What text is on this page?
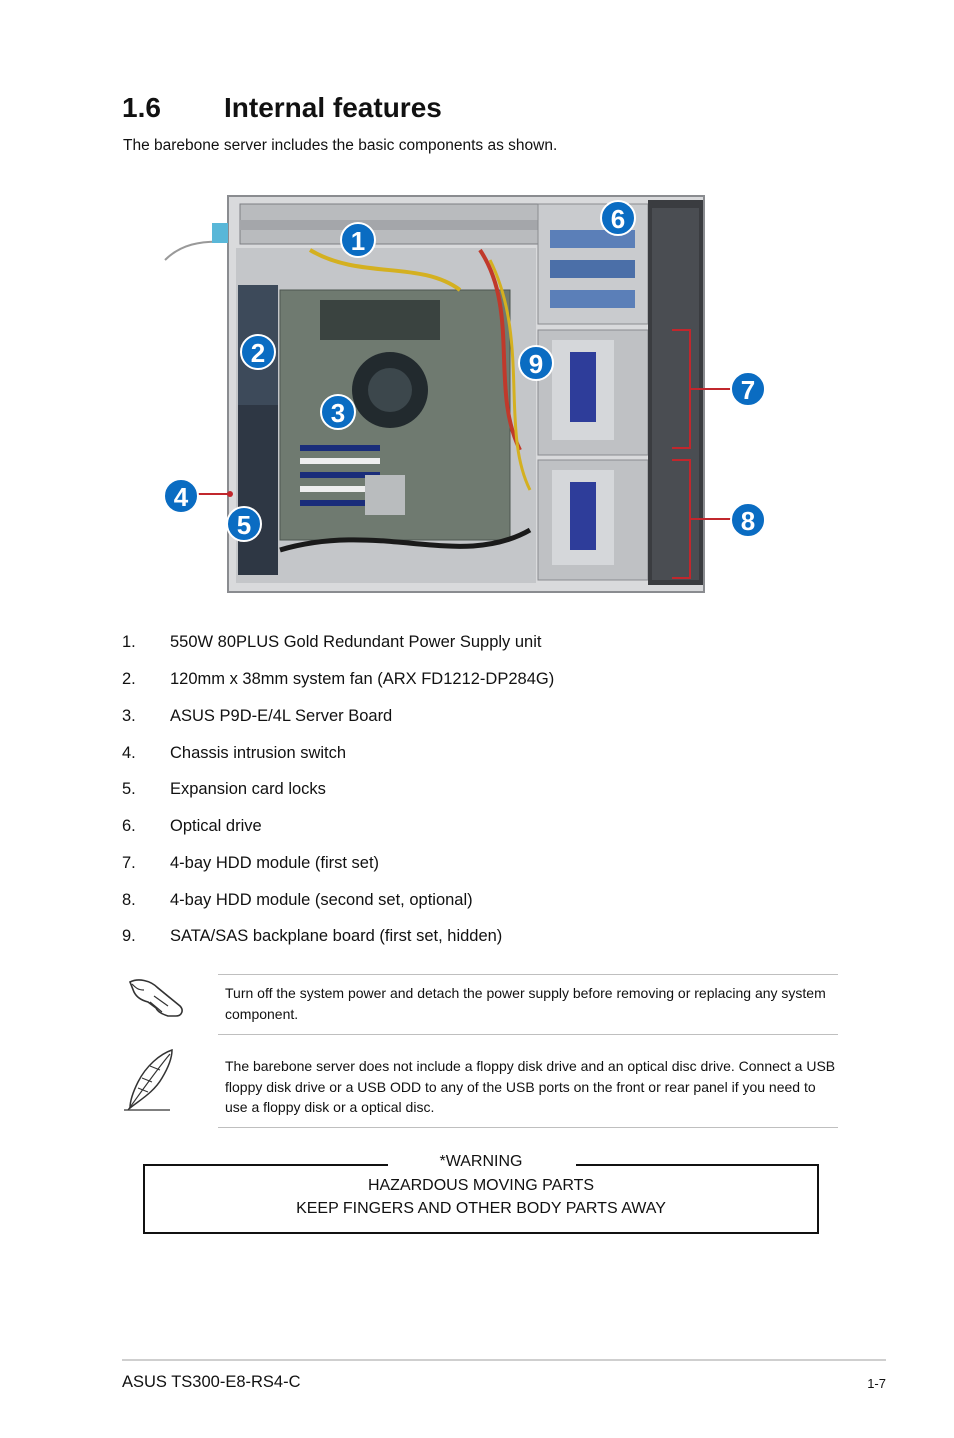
1.6 Internal features
The barebone server includes the basic components as shown.
1
2
3
4
5
6
7
8
9
1.	550W 80PLUS Gold Redundant Power Supply unit
2.	120mm x 38mm system fan (ARX FD1212-DP284G)
3.	ASUS P9D-E/4L Server Board
4.	Chassis intrusion switch
5.	Expansion card locks
6.	Optical drive
7.	4-bay HDD module (first set)
8.	4-bay HDD module (second set, optional)
9.	SATA/SAS backplane board (first set, hidden)
Turn off the system power and detach the power supply before removing or replacing any system component.
The barebone server does not include a floppy disk drive and an optical disc drive. Connect a USB floppy disk drive or a USB ODD to any of the USB ports on the front or rear panel if you need to use a floppy disk or a optical disc.
*WARNING
HAZARDOUS MOVING PARTS
KEEP FINGERS AND OTHER BODY PARTS AWAY
ASUS TS300-E8-RS4-C	1-7
